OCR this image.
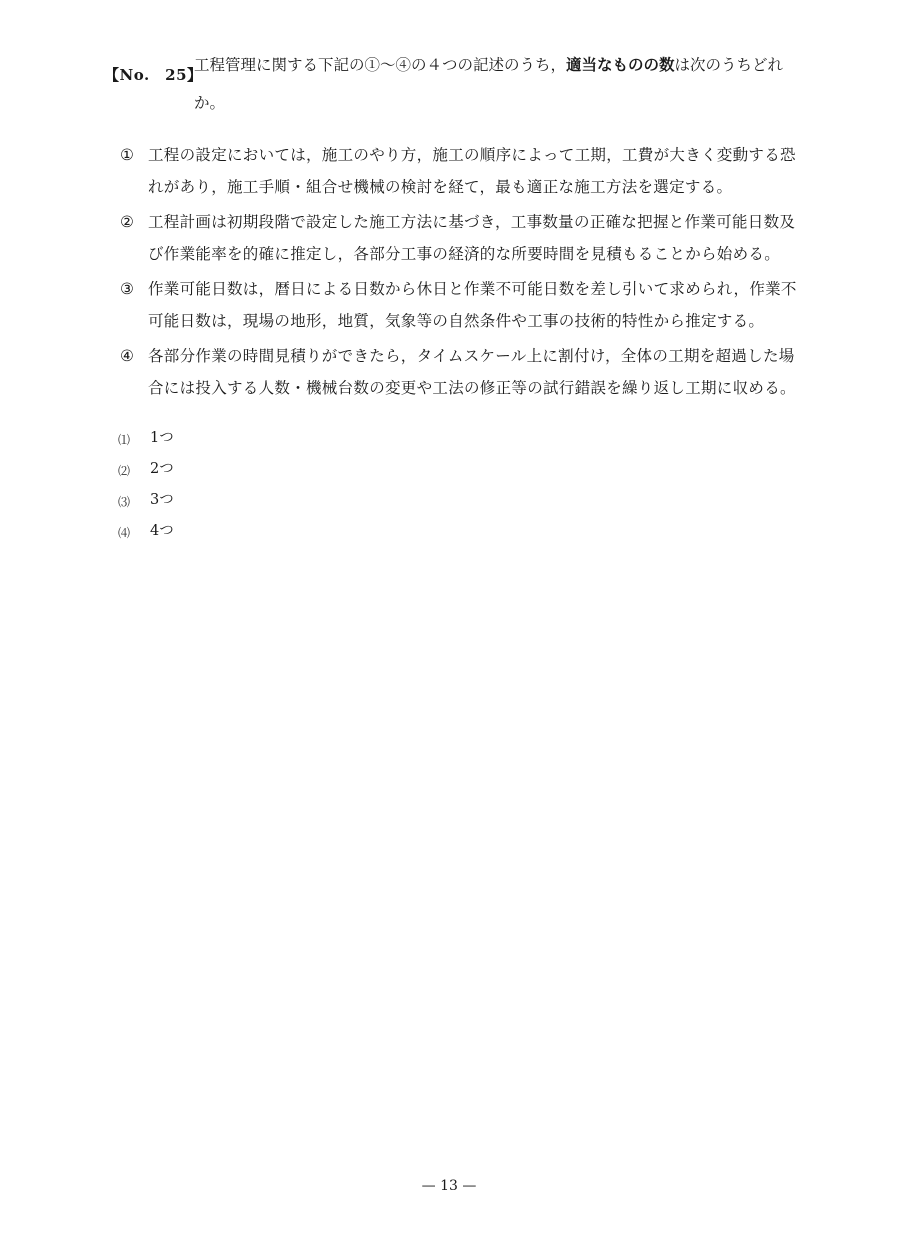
【No.　25】
工程管理に関する下記の①～④の４つの記述のうち，適当なものの数は次のうちどれか。
① 工程の設定においては，施工のやり方，施工の順序によって工期，工費が大きく変動する恐れがあり，施工手順・組合せ機械の検討を経て，最も適正な施工方法を選定する。
② 工程計画は初期段階で設定した施工方法に基づき，工事数量の正確な把握と作業可能日数及び作業能率を的確に推定し，各部分工事の経済的な所要時間を見積もることから始める。
③ 作業可能日数は，暦日による日数から休日と作業不可能日数を差し引いて求められ，作業不可能日数は，現場の地形，地質，気象等の自然条件や工事の技術的特性から推定する。
④ 各部分作業の時間見積りができたら，タイムスケール上に割付け，全体の工期を超過した場合には投入する人数・機械台数の変更や工法の修正等の試行錯誤を繰り返し工期に収める。
⑴	1つ
⑵	2つ
⑶	3つ
⑷	4つ
— 13 —
